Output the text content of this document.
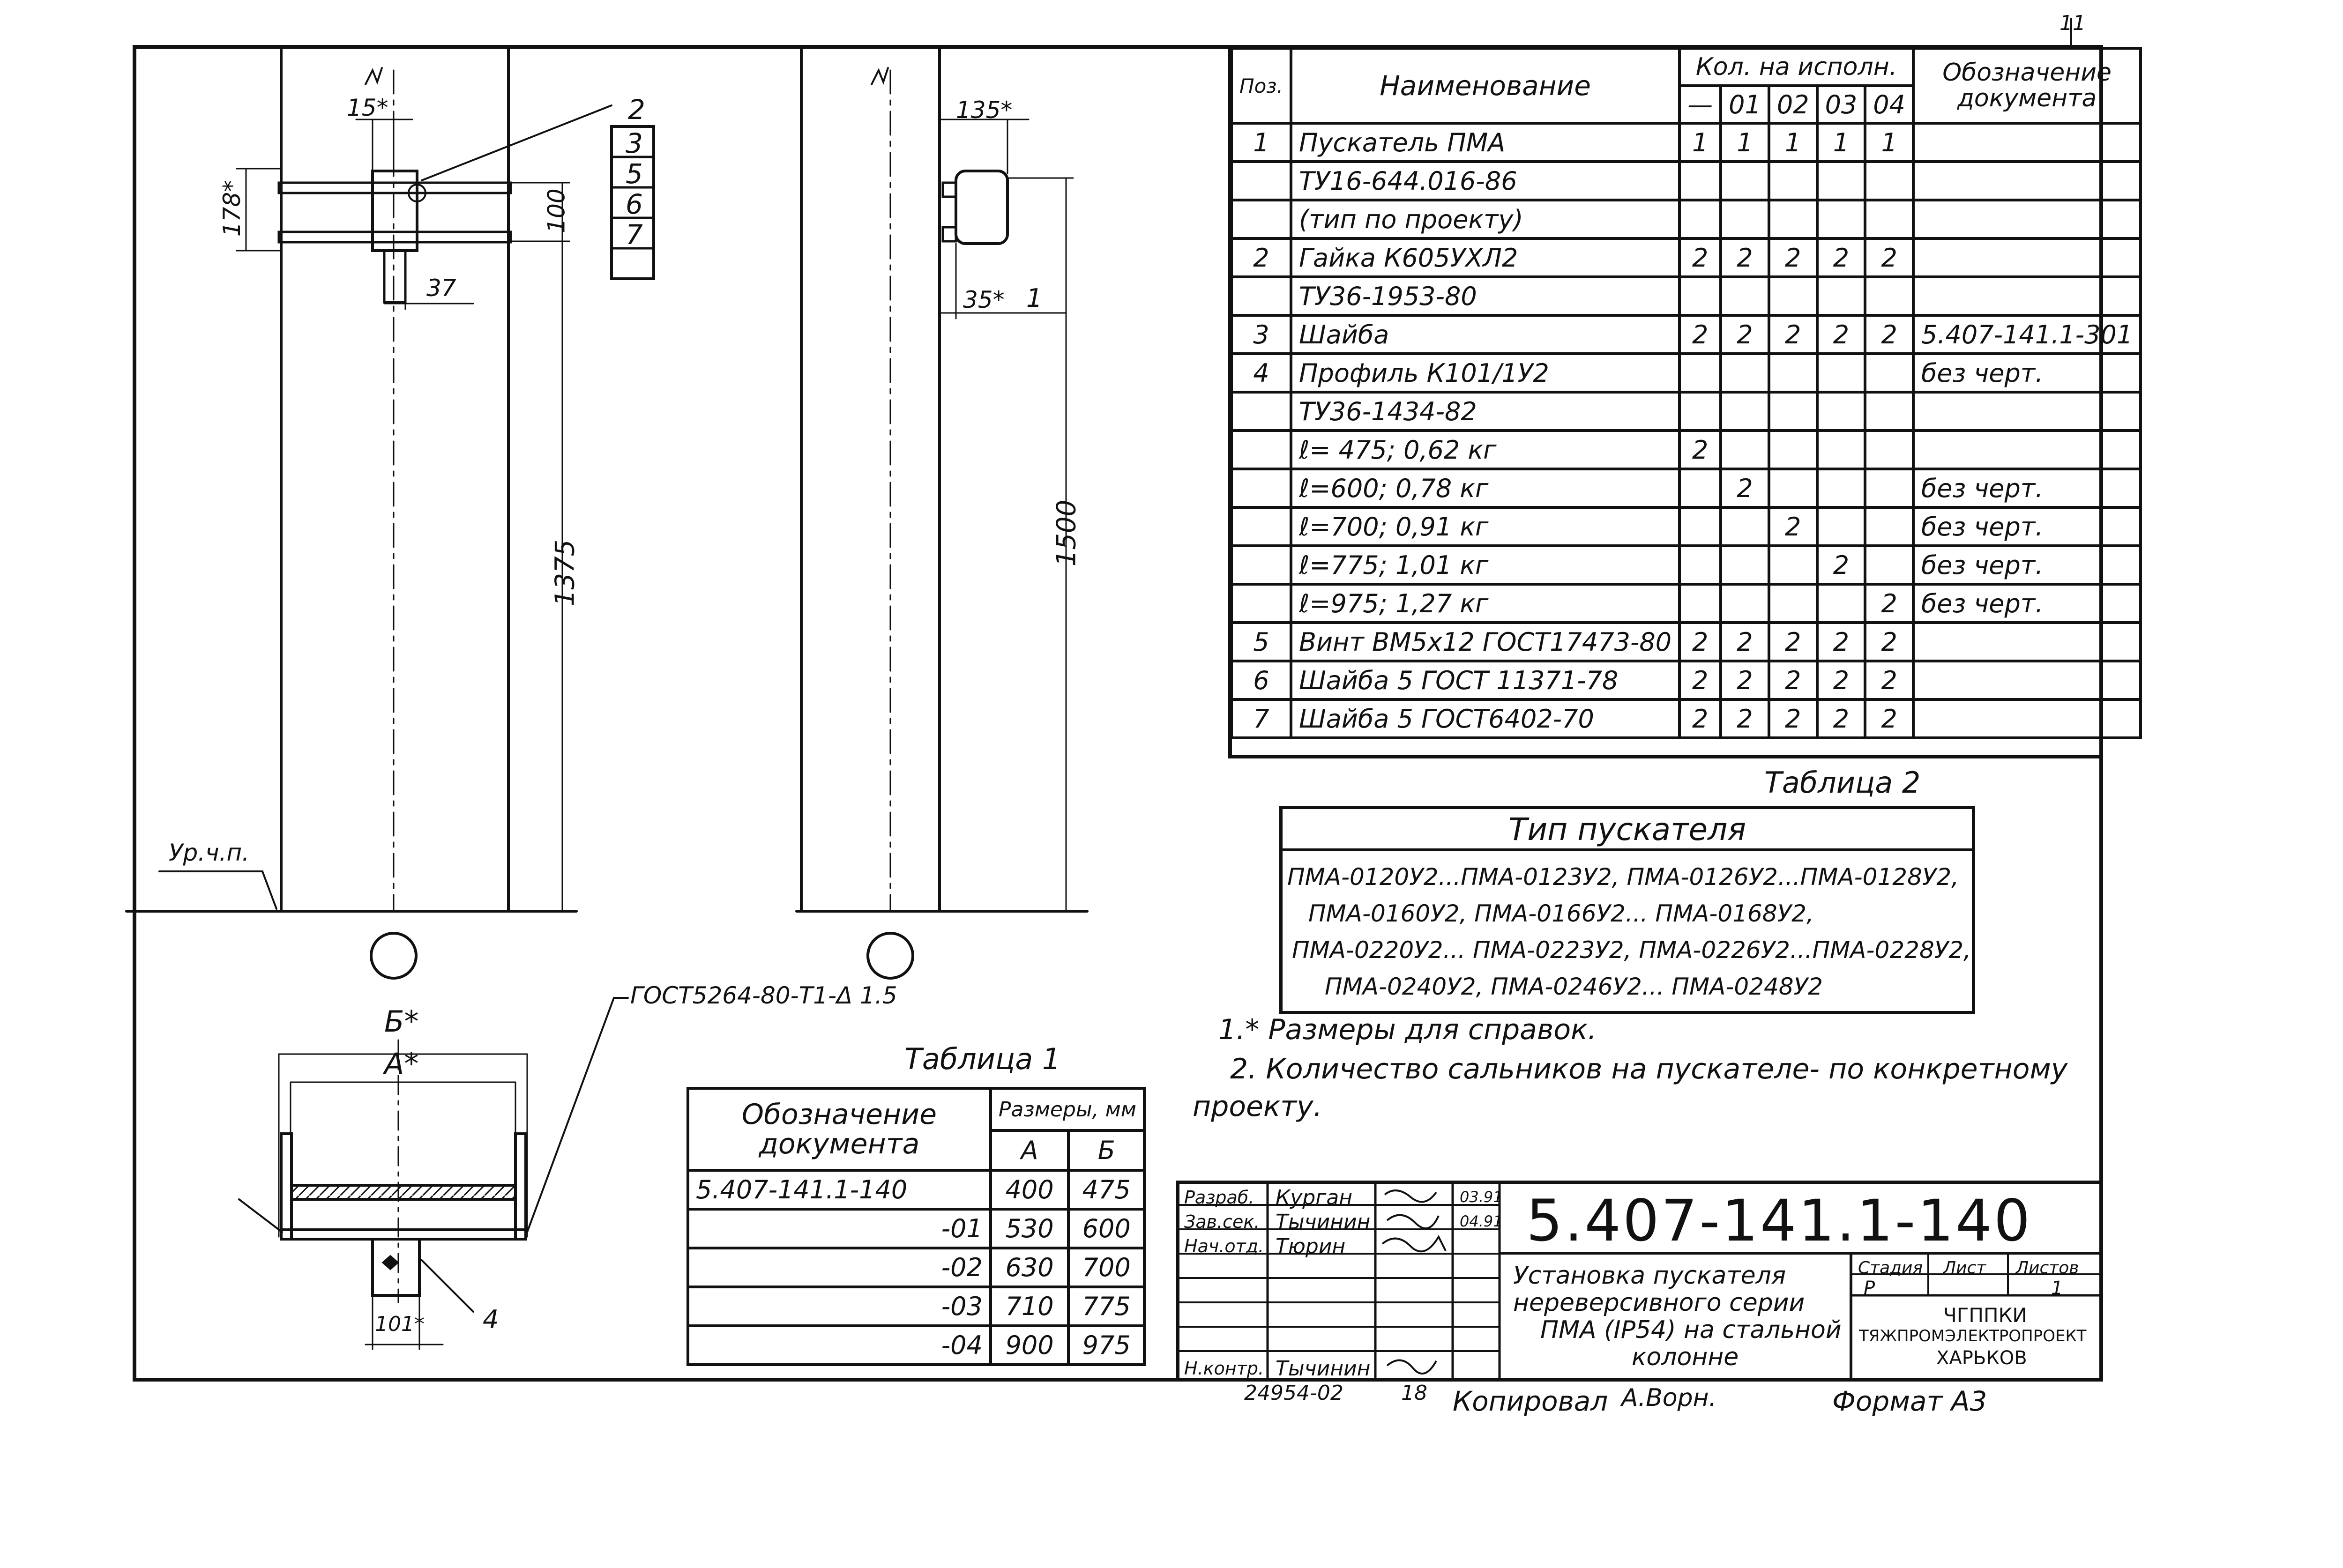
11
2
3
5
6
7
15*
178*	100
37
1375
Ур.ч.п.
135*
35* 1
1500
Б*
А*
ГОСТ5264-80-Т1-Δ 1.5
101* 4
Поз.	Наименование	Кол. на исполн.					Обозначение документа
		—	01	02	03	04	
1	Пускатель ПМА	1	1	1	1	1	
	ТУ16-644.016-86						
	(тип по проекту)						
2	Гайка К605УХЛ2	2	2	2	2	2	
	ТУ36-1953-80						
3	Шайба	2	2	2	2	2	5.407-141.1-301
4	Профиль К101/1У2						без черт.
	ТУ36-1434-82						
	ℓ= 475; 0,62 кг	2					
	ℓ=600; 0,78 кг		2				без черт.
	ℓ=700; 0,91 кг			2			без черт.
	ℓ=775; 1,01 кг				2		без черт.
	ℓ=975; 1,27 кг					2	без черт.
5	Винт ВМ5х12 ГОСТ17473-80	2	2	2	2	2	
6	Шайба 5 ГОСТ 11371-78	2	2	2	2	2	
7	Шайба 5 ГОСТ6402-70	2	2	2	2	2	
Таблица 2
Тип пускателя
ПМА-0120У2...ПМА-0123У2, ПМА-0126У2...ПМА-0128У2,
ПМА-0160У2, ПМА-0166У2... ПМА-0168У2,
ПМА-0220У2... ПМА-0223У2, ПМА-0226У2...ПМА-0228У2,
ПМА-0240У2, ПМА-0246У2... ПМА-0248У2
1.* Размеры для справок.
2. Количество сальников на пускателе- по конкретному
проекту.
Таблица 1
Обозначение документа	Размеры, мм	
	А	Б
5.407-141.1-140	400	475
-01	530	600
-02	630	700
-03	710	775
-04	900	975
Разраб. Курган	03.91
Зав.сек. Тычинин	04.91
Нач.отд. Тюрин
Н.контр. Тычинин
5.407-141.1-140
Установка пускателя
нереверсивного серии
ПМА (IP54) на стальной
колонне
Стадия Лист Листов
Р	1
ЧГППКИ
ТЯЖПРОМЭЛЕКТРОПРОЕКТ
ХАРЬКОВ
24954-02	18 Копировал А.Ворн.	Формат А3
